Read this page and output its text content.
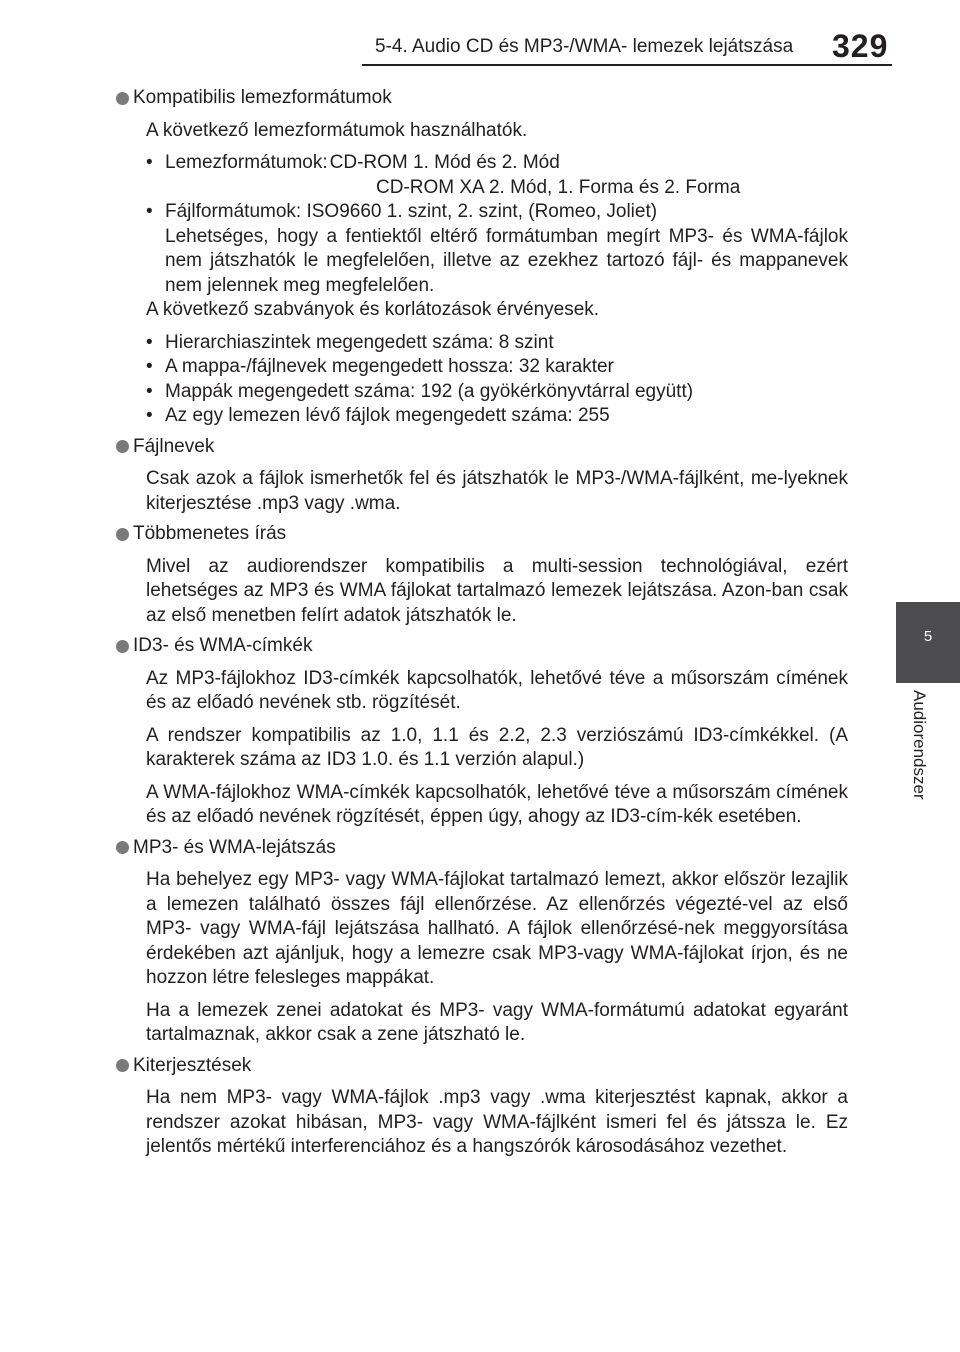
5-4. Audio CD és MP3-/WMA- lemezek lejátszása 329
5
Audiorendszer
Kompatibilis lemezformátumok
A következő lemezformátumok használhatók.
• Lemezformátumok: CD-ROM 1. Mód és 2. Mód
CD-ROM XA 2. Mód, 1. Forma és 2. Forma
• Fájlformátumok: ISO9660 1. szint, 2. szint, (Romeo, Joliet)
Lehetséges, hogy a fentiektől eltérő formátumban megírt MP3- és WMA-fájlok nem játszhatók le megfelelően, illetve az ezekhez tartozó fájl- és mappanevek nem jelennek meg megfelelően.
A következő szabványok és korlátozások érvényesek.
• Hierarchiaszintek megengedett száma: 8 szint
• A mappa-/fájlnevek megengedett hossza: 32 karakter
• Mappák megengedett száma: 192 (a gyökérkönyvtárral együtt)
• Az egy lemezen lévő fájlok megengedett száma: 255
Fájlnevek
Csak azok a fájlok ismerhetők fel és játszhatók le MP3-/WMA-fájlként, me-lyeknek kiterjesztése .mp3 vagy .wma.
Többmenetes írás
Mivel az audiorendszer kompatibilis a multi-session technológiával, ezért lehetséges az MP3 és WMA fájlokat tartalmazó lemezek lejátszása. Azon-ban csak az első menetben felírt adatok játszhatók le.
ID3- és WMA-címkék
Az MP3-fájlokhoz ID3-címkék kapcsolhatók, lehetővé téve a műsorszám címének és az előadó nevének stb. rögzítését.
A rendszer kompatibilis az 1.0, 1.1 és 2.2, 2.3 verziószámú ID3-címkékkel. (A karakterek száma az ID3 1.0. és 1.1 verzión alapul.)
A WMA-fájlokhoz WMA-címkék kapcsolhatók, lehetővé téve a műsorszám címének és az előadó nevének rögzítését, éppen úgy, ahogy az ID3-cím-kék esetében.
MP3- és WMA-lejátszás
Ha behelyez egy MP3- vagy WMA-fájlokat tartalmazó lemezt, akkor először lezajlik a lemezen található összes fájl ellenőrzése. Az ellenőrzés végezté-vel az első MP3- vagy WMA-fájl lejátszása hallható. A fájlok ellenőrzésé-nek meggyorsítása érdekében azt ajánljuk, hogy a lemezre csak MP3-vagy WMA-fájlokat írjon, és ne hozzon létre felesleges mappákat.
Ha a lemezek zenei adatokat és MP3- vagy WMA-formátumú adatokat egyaránt tartalmaznak, akkor csak a zene játszható le.
Kiterjesztések
Ha nem MP3- vagy WMA-fájlok .mp3 vagy .wma kiterjesztést kapnak, akkor a rendszer azokat hibásan, MP3- vagy WMA-fájlként ismeri fel és játssza le. Ez jelentős mértékű interferenciához és a hangszórók károsodásához vezethet.
